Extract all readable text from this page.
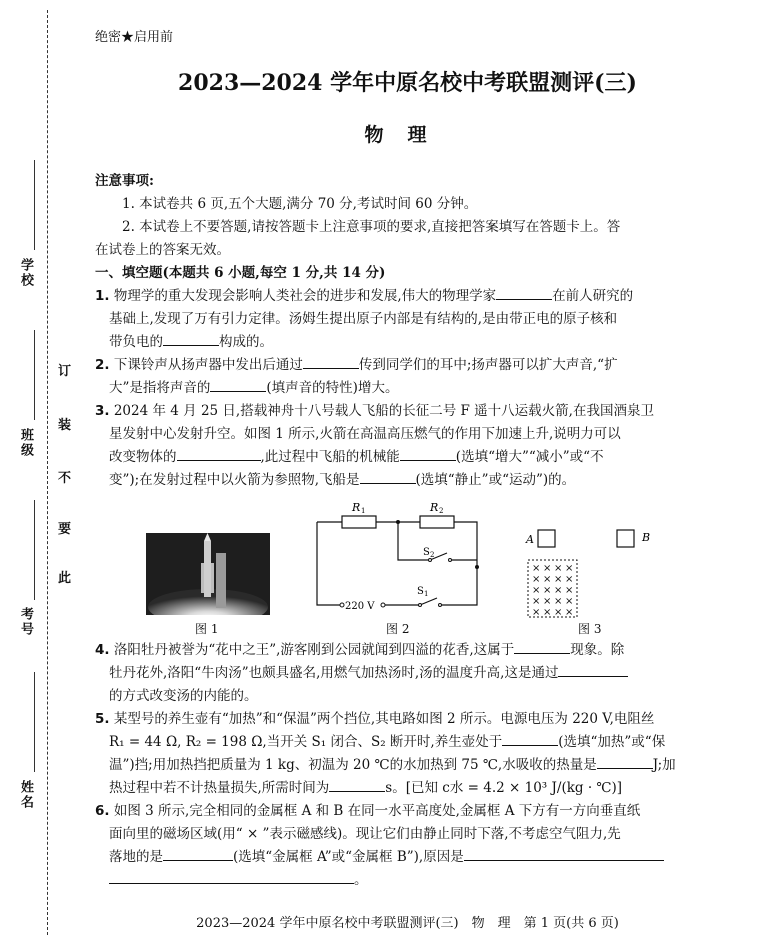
学校
班级
考号
姓名
订
装
不
要
此
绝密★启用前
2023—2024 学年中原名校中考联盟测评(三)
物理
注意事项:
1. 本试卷共 6 页,五个大题,满分 70 分,考试时间 60 分钟。
2. 本试卷上不要答题,请按答题卡上注意事项的要求,直接把答案填写在答题卡上。答
在试卷上的答案无效。
一、填空题(本题共 6 小题,每空 1 分,共 14 分)
1. 物理学的重大发现会影响人类社会的进步和发展,伟大的物理学家	在前人研究的
基础上,发现了万有引力定律。汤姆生提出原子内部是有结构的,是由带正电的原子核和
带负电的	构成的。
2. 下课铃声从扬声器中发出后通过	传到同学们的耳中;扬声器可以扩大声音,“扩
大”是指将声音的	(填声音的特性)增大。
3. 2024 年 4 月 25 日,搭载神舟十八号载人飞船的长征二号 F 遥十八运载火箭,在我国酒泉卫
星发射中心发射升空。如图 1 所示,火箭在高温高压燃气的作用下加速上升,说明力可以
改变物体的	,此过程中飞船的机械能	(选填“增大”“减小”或“不
变”);在发射过程中以火箭为参照物,飞船是	(选填“静止”或“运动”)的。
图 1
R 1	R 2
S 2
S 1
220 V
图 2
A	B
× × × ×
× × × ×
× × × ×
× × × ×
× × × ×
图 3
4. 洛阳牡丹被誉为“花中之王”,游客刚到公园就闻到四溢的花香,这属于	现象。除
牡丹花外,洛阳“牛肉汤”也颇具盛名,用燃气加热汤时,汤的温度升高,这是通过
的方式改变汤的内能的。
5. 某型号的养生壶有“加热”和“保温”两个挡位,其电路如图 2 所示。电源电压为 220 V,电阻丝
R₁ = 44 Ω, R₂ = 198 Ω,当开关 S₁ 闭合、S₂ 断开时,养生壶处于	(选填“加热”或“保
温”)挡;用加热挡把质量为 1 kg、初温为 20 ℃的水加热到 75 ℃,水吸收的热量是	J;加
热过程中若不计热量损失,所需时间为	s。[已知 c水 = 4.2 × 10³ J/(kg · ℃)]
6. 如图 3 所示,完全相同的金属框 A 和 B 在同一水平高度处,金属框 A 下方有一方向垂直纸
面向里的磁场区域(用“ × ”表示磁感线)。现让它们由静止同时下落,不考虑空气阻力,先
落地的是	(选填“金属框 A”或“金属框 B”),原因是
。
2023—2024 学年中原名校中考联盟测评(三)　物　理　第 1 页(共 6 页)
